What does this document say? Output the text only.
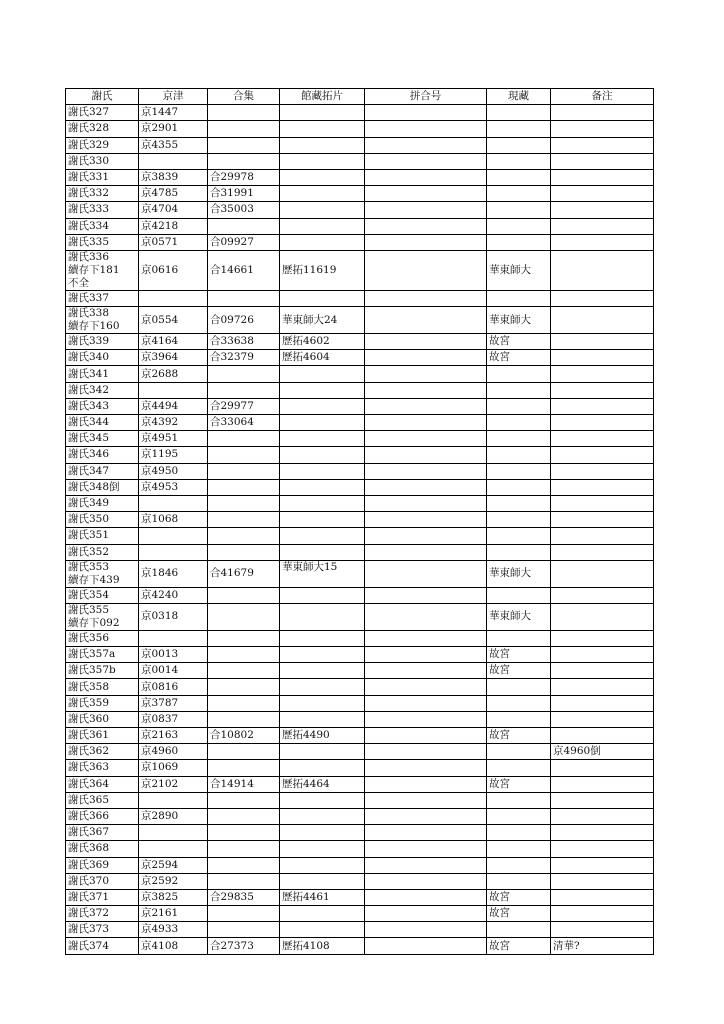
謝氏	京津	合集	館藏拓片	拼合号	現藏	备注
謝氏327	京1447					
謝氏328	京2901					
謝氏329	京4355					
謝氏330						
謝氏331	京3839	合29978				
謝氏332	京4785	合31991				
謝氏333	京4704	合35003				
謝氏334	京4218					
謝氏335	京0571	合09927				

謝氏336
續存下181
不全	京0616	合14661	歷拓11619		華東師大	
謝氏337						

謝氏338
續存下160	京0554	合09726	華東師大24		華東師大	
謝氏339	京4164	合33638	歷拓4602		故宮	
謝氏340	京3964	合32379	歷拓4604		故宮	
謝氏341	京2688					
謝氏342						
謝氏343	京4494	合29977				
謝氏344	京4392	合33064				
謝氏345	京4951					
謝氏346	京1195					
謝氏347	京4950					
謝氏348倒	京4953					
謝氏349						
謝氏350	京1068					
謝氏351						
謝氏352						

謝氏353
續存下439	京1846	合41679	華東師大15		華東師大	
謝氏354	京4240					

謝氏355
續存下092	京0318				華東師大	
謝氏356						
謝氏357a	京0013				故宮	
謝氏357b	京0014				故宮	
謝氏358	京0816					
謝氏359	京3787					
謝氏360	京0837					
謝氏361	京2163	合10802	歷拓4490		故宮	
謝氏362	京4960					京4960倒
謝氏363	京1069					
謝氏364	京2102	合14914	歷拓4464		故宮	
謝氏365						
謝氏366	京2890					
謝氏367						
謝氏368						
謝氏369	京2594					
謝氏370	京2592					
謝氏371	京3825	合29835	歷拓4461		故宮	
謝氏372	京2161				故宮	
謝氏373	京4933					
謝氏374	京4108	合27373	歷拓4108		故宮	清華?
